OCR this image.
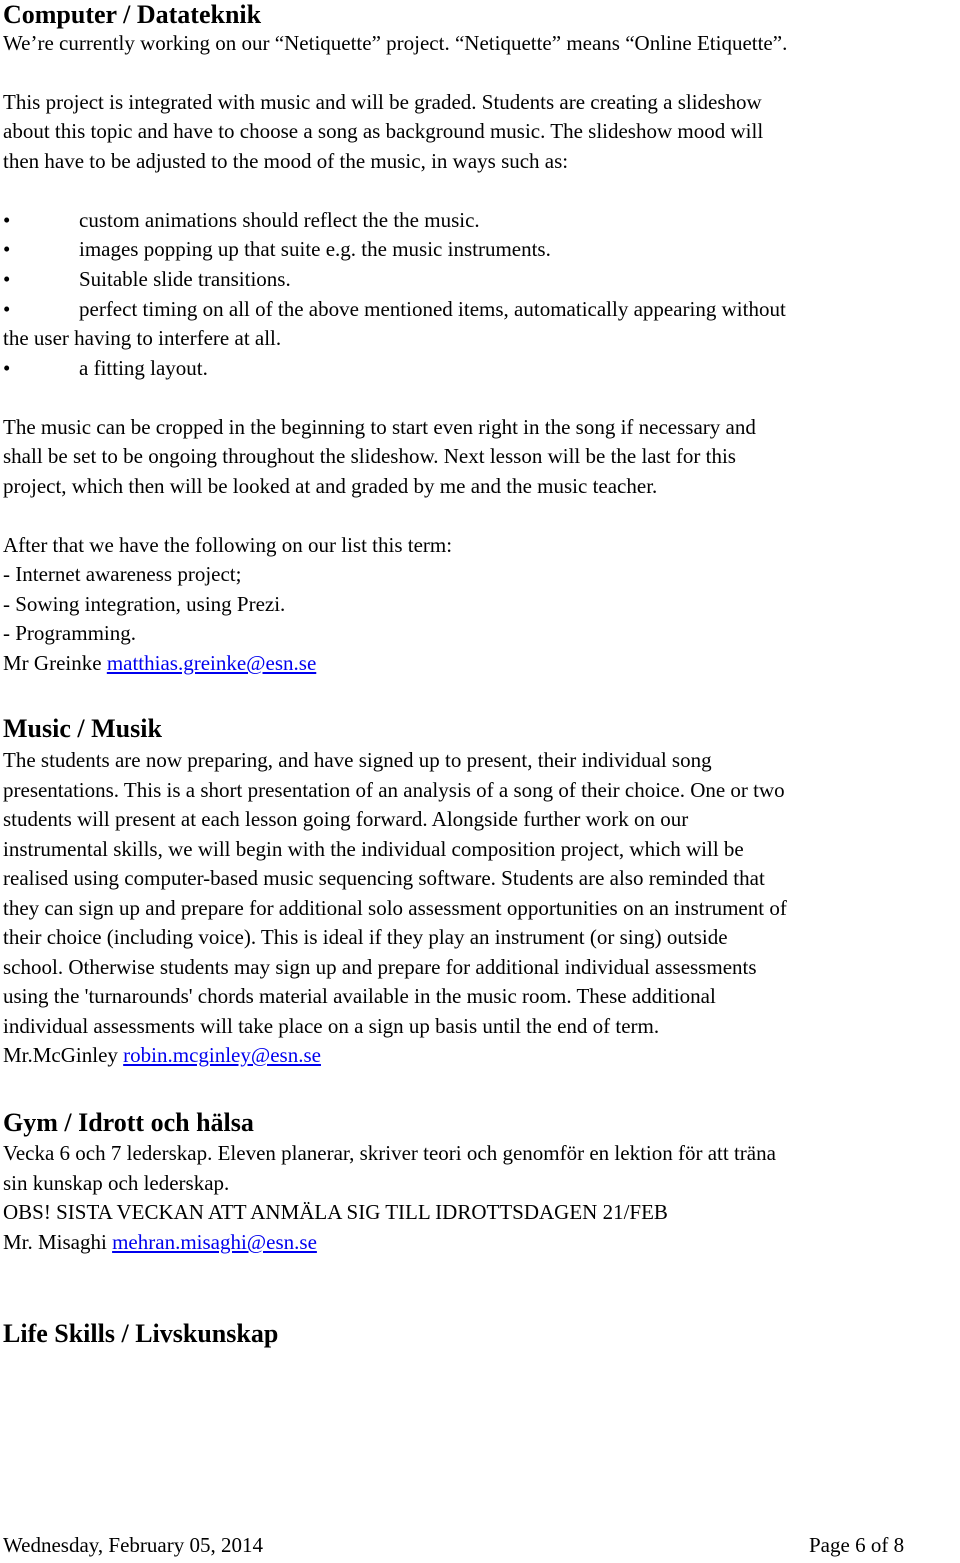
Computer / Datateknik
We’re currently working on our “Netiquette” project. “Netiquette” means “Online Etiquette”.
This project is integrated with music and will be graded. Students are creating a slideshow
about this topic and have to choose a song as background music. The slideshow mood will
then have to be adjusted to the mood of the music, in ways such as:
•	custom animations should reflect the the music.
•	images popping up that suite e.g. the music instruments.
•	Suitable slide transitions.
•	perfect timing on all of the above mentioned items, automatically appearing without
the user having to interfere at all.
•	a fitting layout.
The music can be cropped in the beginning to start even right in the song if necessary and
shall be set to be ongoing throughout the slideshow. Next lesson will be the last for this
project, which then will be looked at and graded by me and the music teacher.
After that we have the following on our list this term:
- Internet awareness project;
- Sowing integration, using Prezi.
- Programming.
Mr Greinke matthias.greinke@esn.se
Music / Musik
The students are now preparing, and have signed up to present, their individual song
presentations. This is a short presentation of an analysis of a song of their choice. One or two
students will present at each lesson going forward. Alongside further work on our
instrumental skills, we will begin with the individual composition project, which will be
realised using computer-based music sequencing software. Students are also reminded that
they can sign up and prepare for additional solo assessment opportunities on an instrument of
their choice (including voice). This is ideal if they play an instrument (or sing) outside
school. Otherwise students may sign up and prepare for additional individual assessments
using the 'turnarounds' chords material available in the music room. These additional
individual assessments will take place on a sign up basis until the end of term.
Mr.McGinley robin.mcginley@esn.se
Gym / Idrott och hälsa
Vecka 6 och 7 lederskap. Eleven planerar, skriver teori och genomför en lektion för att träna
sin kunskap och lederskap.
OBS! SISTA VECKAN ATT ANMÄLA SIG TILL IDROTTSDAGEN 21/FEB
Mr. Misaghi mehran.misaghi@esn.se
Life Skills / Livskunskap
Wednesday, February 05, 2014	Page 6 of 8
